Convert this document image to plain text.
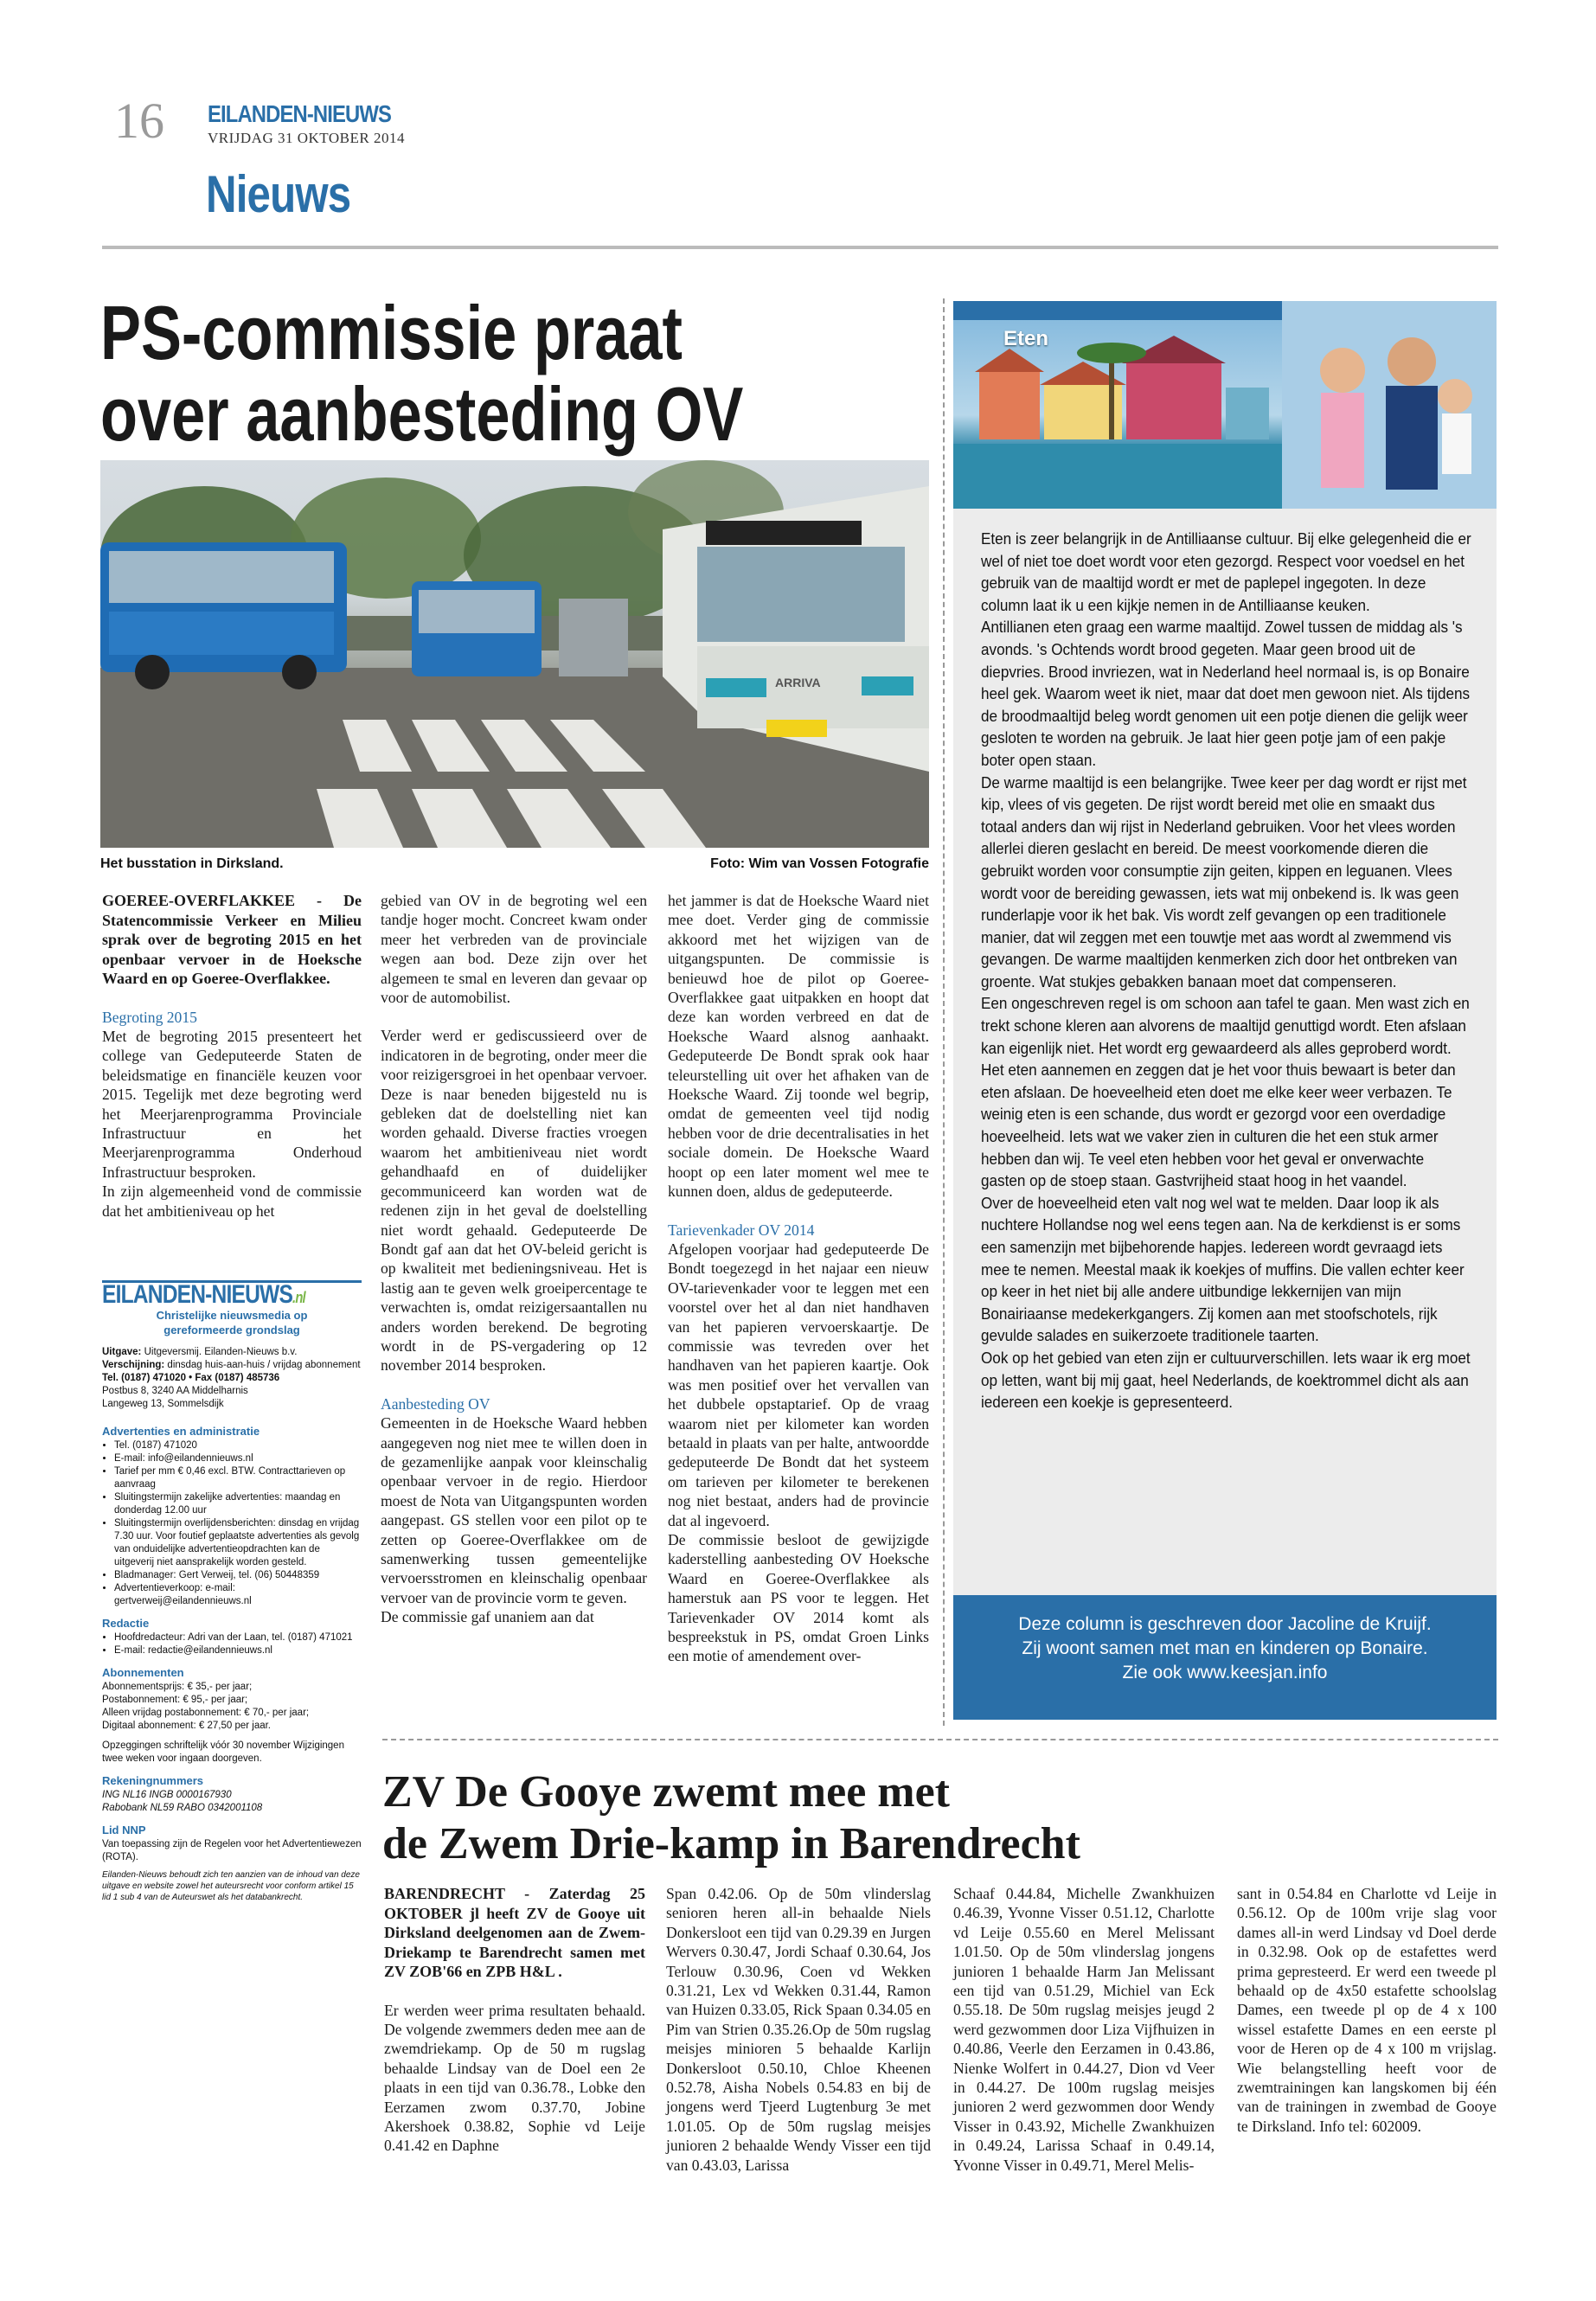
16 EILANDEN-NIEUWS
VRIJDAG 31 OKTOBER 2014
Nieuws
PS-commissie praat
over aanbesteding OV
ARRIVA
Het busstation in Dirksland.	Foto: Wim van Vossen Fotografie

GOEREE-OVERFLAKKEE - De Statencommissie Verkeer en Milieu sprak over de begroting 2015 en het openbaar vervoer in de Hoeksche Waard en op Goeree-Overflakkee.

Begroting 2015

Met de begroting 2015 presenteert het college van Gedeputeerde Staten de beleidsmatige en financiële keuzen voor 2015. Tegelijk met deze begroting werd het Meerjarenprogramma Provinciale Infrastructuur en het Meerjarenprogramma Onderhoud Infrastructuur besproken.

In zijn algemeenheid vond de commissie dat het ambitieniveau op het

gebied van OV in de begroting wel een tandje hoger mocht. Concreet kwam onder meer het verbreden van de provinciale wegen aan bod. Deze zijn over het algemeen te smal en leveren dan gevaar op voor de automobilist.

Verder werd er gediscussieerd over de indicatoren in de begroting, onder meer die voor reizigersgroei in het openbaar vervoer. Deze is naar beneden bijgesteld nu is gebleken dat de doelstelling niet kan worden gehaald. Diverse fracties vroegen waarom het ambitieniveau niet wordt gehandhaafd en of duidelijker gecommuniceerd kan worden wat de redenen zijn in het geval de doelstelling niet wordt gehaald. Gedeputeerde De Bondt gaf aan dat het OV-beleid gericht is op kwaliteit met bedieningsniveau. Het is lastig aan te geven welk groeipercentage te verwachten is, omdat reizigersaantallen nu anders worden berekend. De begroting wordt in de PS-vergadering op 12 november 2014 besproken.

Aanbesteding OV

Gemeenten in de Hoeksche Waard hebben aangegeven nog niet mee te willen doen in de gezamenlijke aanpak voor kleinschalig openbaar vervoer in de regio. Hierdoor moest de Nota van Uitgangspunten worden aangepast. GS stellen voor een pilot op te zetten op Goeree-Overflakkee om de samenwerking tussen gemeentelijke vervoersstromen en kleinschalig openbaar vervoer van de provincie vorm te geven.

De commissie gaf unaniem aan dat

het jammer is dat de Hoeksche Waard niet mee doet. Verder ging de commissie akkoord met het wijzigen van de uitgangspunten. De commissie is benieuwd hoe de pilot op Goeree-Overflakkee gaat uitpakken en hoopt dat deze kan worden verbreed en dat de Hoeksche Waard alsnog aanhaakt. Gedeputeerde De Bondt sprak ook haar teleurstelling uit over het afhaken van de Hoeksche Waard. Zij toonde wel begrip, omdat de gemeenten veel tijd nodig hebben voor de drie decentralisaties in het sociale domein. De Hoeksche Waard hoopt op een later moment wel mee te kunnen doen, aldus de gedeputeerde.

Tarievenkader OV 2014

Afgelopen voorjaar had gedeputeerde De Bondt toegezegd in het najaar een nieuw OV-tarievenkader voor te leggen met een voorstel over het al dan niet handhaven van het papieren vervoerskaartje. De commissie was tevreden over het handhaven van het papieren kaartje. Ook was men positief over het vervallen van het dubbele opstaptarief. Op de vraag waarom niet per kilometer kan worden betaald in plaats van per halte, antwoordde gedeputeerde De Bondt dat het systeem om tarieven per kilometer te berekenen nog niet bestaat, anders had de provincie dat al ingevoerd.

De commissie besloot de gewijzigde kaderstelling aanbesteding OV Hoeksche Waard en Goeree-Overflakkee als hamerstuk aan PS voor te leggen. Het Tarievenkader OV 2014 komt als bespreekstuk in PS, omdat Groen Links een motie of amendement over-

EILANDEN-NIEUWS.nl
Christelijke nieuwsmedia op
gereformeerde grondslag
Uitgave: Uitgeversmij. Eilanden-Nieuws b.v.
Verschijning: dinsdag huis-aan-huis / vrijdag abonnement
Tel. (0187) 471020 • Fax (0187) 485736
Postbus 8, 3240 AA Middelharnis
Langeweg 13, Sommelsdijk
Advertenties en administratie
• Tel. (0187) 471020
• E-mail: info@eilandennieuws.nl
• Tarief per mm € 0,46 excl. BTW. Contracttarieven op aanvraag
• Sluitingstermijn zakelijke advertenties: maandag en donderdag 12.00 uur
• Sluitingstermijn overlijdensberichten: dinsdag en vrijdag 7.30 uur. Voor foutief geplaatste advertenties als gevolg van onduidelijke advertentieopdrachten kan de uitgeverij niet aansprakelijk worden gesteld.
• Bladmanager: Gert Verweij, tel. (06) 50448359
• Advertentieverkoop: e-mail: gertverweij@eilandennieuws.nl
Redactie
• Hoofdredacteur: Adri van der Laan, tel. (0187) 471021
• E-mail: redactie@eilandennieuws.nl
Abonnementen
Abonnementsprijs: € 35,- per jaar;
Postabonnement: € 95,- per jaar;
Alleen vrijdag postabonnement: € 70,- per jaar;
Digitaal abonnement: € 27,50 per jaar.
Opzeggingen schriftelijk vóór 30 november Wijzigingen twee weken voor ingaan doorgeven.
Rekeningnummers
ING NL16 INGB 0000167930
Rabobank NL59 RABO 0342001108
Lid NNP
Van toepassing zijn de Regelen voor het Advertentiewezen (ROTA).
Eilanden-Nieuws behoudt zich ten aanzien van de inhoud van deze uitgave en website zowel het auteursrecht voor conform artikel 15 lid 1 sub 4 van de Auteurswet als het databankrecht.
Eten

Eten is zeer belangrijk in de Antilliaanse cultuur. Bij elke gelegenheid die er wel of niet toe doet wordt voor eten gezorgd. Respect voor voedsel en het gebruik van de maaltijd wordt er met de paplepel ingegoten. In deze column laat ik u een kijkje nemen in de Antilliaanse keuken.

Antillianen eten graag een warme maaltijd. Zowel tussen de middag als 's avonds. 's Ochtends wordt brood gegeten. Maar geen brood uit de diepvries. Brood invriezen, wat in Nederland heel normaal is, is op Bonaire heel gek. Waarom weet ik niet, maar dat doet men gewoon niet. Als tijdens de broodmaaltijd beleg wordt genomen uit een potje dienen die gelijk weer gesloten te worden na gebruik. Je laat hier geen potje jam of een pakje boter open staan.

De warme maaltijd is een belangrijke. Twee keer per dag wordt er rijst met kip, vlees of vis gegeten. De rijst wordt bereid met olie en smaakt dus totaal anders dan wij rijst in Nederland gebruiken. Voor het vlees worden allerlei dieren geslacht en bereid. De meest voorkomende dieren die gebruikt worden voor consumptie zijn geiten, kippen en leguanen. Vlees wordt voor de bereiding gewassen, iets wat mij onbekend is. Ik was geen runderlapje voor ik het bak. Vis wordt zelf gevangen op een traditionele manier, dat wil zeggen met een touwtje met aas wordt al zwemmend vis gevangen. De warme maaltijden kenmerken zich door het ontbreken van groente. Wat stukjes gebakken banaan moet dat compenseren.

Een ongeschreven regel is om schoon aan tafel te gaan. Men wast zich en trekt schone kleren aan alvorens de maaltijd genuttigd wordt. Eten afslaan kan eigenlijk niet. Het wordt erg gewaardeerd als alles geproberd wordt. Het eten aannemen en zeggen dat je het voor thuis bewaart is beter dan eten afslaan. De hoeveelheid eten doet me elke keer weer verbazen. Te weinig eten is een schande, dus wordt er gezorgd voor een overdadige hoeveelheid. Iets wat we vaker zien in culturen die het een stuk armer hebben dan wij. Te veel eten hebben voor het geval er onverwachte gasten op de stoep staan. Gastvrijheid staat hoog in het vaandel.

Over de hoeveelheid eten valt nog wel wat te melden. Daar loop ik als nuchtere Hollandse nog wel eens tegen aan. Na de kerkdienst is er soms een samenzijn met bijbehorende hapjes. Iedereen wordt gevraagd iets mee te nemen. Meestal maak ik koekjes of muffins. Die vallen echter keer op keer in het niet bij alle andere uitbundige lekkernijen van mijn Bonairiaanse medekerkgangers. Zij komen aan met stoofschotels, rijk gevulde salades en suikerzoete traditionele taarten.

Ook op het gebied van eten zijn er cultuurverschillen. Iets waar ik erg moet op letten, want bij mij gaat, heel Nederlands, de koektrommel dicht als aan iedereen een koekje is gepresenteerd.

Deze column is geschreven door Jacoline de Kruijf.
Zij woont samen met man en kinderen op Bonaire.
Zie ook www.keesjan.info
ZV De Gooye zwemt mee met
de Zwem Drie-kamp in Barendrecht

BARENDRECHT - Zaterdag 25 OKTOBER jl heeft ZV de Gooye uit Dirksland deelgenomen aan de Zwem- Driekamp te Barendrecht samen met ZV ZOB'66 en ZPB H&L .

Er werden weer prima resultaten behaald. De volgende zwemmers deden mee aan de zwemdriekamp. Op de 50 m rugslag behaalde Lindsay van de Doel een 2e plaats in een tijd van 0.36.78., Lobke den Eerzamen zwom 0.37.70, Jobine Akershoek 0.38.82, Sophie vd Leije 0.41.42 en Daphne

Span 0.42.06. Op de 50m vlinderslag senioren heren all-in behaalde Niels Donkersloot een tijd van 0.29.39 en Jurgen Wervers 0.30.47, Jordi Schaaf 0.30.64, Jos Terlouw 0.30.96, Coen vd Wekken 0.31.21, Lex vd Wekken 0.31.44, Ramon van Huizen 0.33.05, Rick Spaan 0.34.05 en Pim van Strien 0.35.26.Op de 50m rugslag meisjes minioren 5 behaalde Karlijn Donkersloot 0.50.10, Chloe Kheenen 0.52.78, Aisha Nobels 0.54.83 en bij de jongens werd Tjeerd Lugtenburg 3e met 1.01.05. Op de 50m rugslag meisjes junioren 2 behaalde Wendy Visser een tijd van 0.43.03, Larissa

Schaaf 0.44.84, Michelle Zwankhuizen 0.46.39, Yvonne Visser 0.51.12, Charlotte vd Leije 0.55.60 en Merel Melissant 1.01.50. Op de 50m vlinderslag jongens junioren 1 behaalde Harm Jan Melissant een tijd van 0.51.29, Michiel van Eck 0.55.18. De 50m rugslag meisjes jeugd 2 werd gezwommen door Liza Vijfhuizen in 0.40.86, Veerle den Eerzamen in 0.43.86, Nienke Wolfert in 0.44.27, Dion vd Veer in 0.44.27. De 100m rugslag meisjes junioren 2 werd gezwommen door Wendy Visser in 0.43.92, Michelle Zwankhuizen in 0.49.24, Larissa Schaaf in 0.49.14, Yvonne Visser in 0.49.71, Merel Melis-

sant in 0.54.84 en Charlotte vd Leije in 0.56.12. Op de 100m vrije slag voor dames all-in werd Lindsay vd Doel derde in 0.32.98. Ook op de estafettes werd prima gepresteerd. Er werd een tweede pl behaald op de 4x50 estafette schoolslag Dames, een tweede pl op de 4 x 100 wissel estafette Dames en een eerste pl voor de Heren op de 4 x 100 m vrijslag. Wie belangstelling heeft voor de zwemtrainingen kan langskomen bij één van de trainingen in zwembad de Gooye te Dirksland. Info tel: 602009.
